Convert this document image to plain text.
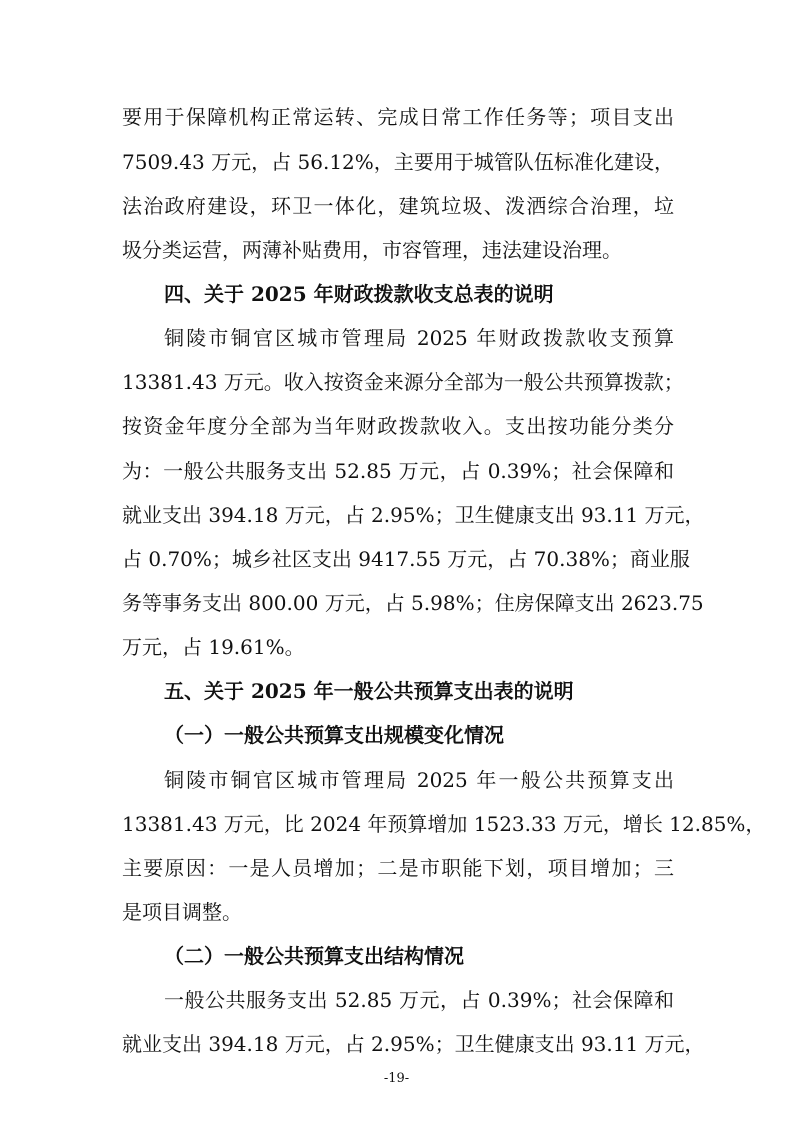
要用于保障机构正常运转、完成日常工作任务等；项目支出
7509.43 万元，占 56.12%，主要用于城管队伍标准化建设，
法治政府建设，环卫一体化，建筑垃圾、泼洒综合治理，垃
圾分类运营，两薄补贴费用，市容管理，违法建设治理。
四、关于 2025 年财政拨款收支总表的说明
铜陵市铜官区城市管理局 2025 年财政拨款收支预算
13381.43 万元。收入按资金来源分全部为一般公共预算拨款；
按资金年度分全部为当年财政拨款收入。支出按功能分类分
为：一般公共服务支出 52.85 万元，占 0.39%；社会保障和
就业支出 394.18 万元，占 2.95%；卫生健康支出 93.11 万元，
占 0.70%；城乡社区支出 9417.55 万元，占 70.38%；商业服
务等事务支出 800.00 万元，占 5.98%；住房保障支出 2623.75
万元，占 19.61%。
五、关于 2025 年一般公共预算支出表的说明
（一）一般公共预算支出规模变化情况
铜陵市铜官区城市管理局 2025 年一般公共预算支出
13381.43 万元，比 2024 年预算增加 1523.33 万元，增长 12.85%，
主要原因：一是人员增加；二是市职能下划，项目增加；三
是项目调整。
（二）一般公共预算支出结构情况
一般公共服务支出 52.85 万元，占 0.39%；社会保障和
就业支出 394.18 万元，占 2.95%；卫生健康支出 93.11 万元，
-19-
